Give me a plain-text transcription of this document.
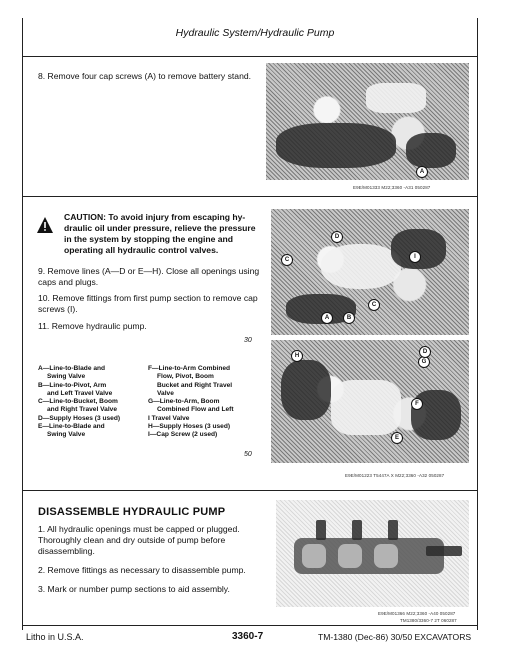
Hydraulic System/Hydraulic Pump
8. Remove four cap screws (A) to remove battery stand.
A
E9E/M01333 M22;3360 -A31 050287
CAUTION: To avoid injury from escaping hy-
draulic oil under pressure, relieve the pressure
in the system by stopping the engine and
operating all hydraulic control valves.
9. Remove lines (A—D or E—H). Close all openings using
caps and plugs.
10. Remove fittings from first pump section to remove cap
screws (I).
11. Remove hydraulic pump.
30
A—Line-to-Blade and
Swing Valve
B—Line-to-Pivot, Arm
and Left Travel Valve
C—Line-to-Bucket, Boom
and Right Travel Valve
D—Supply Hoses (3 used)
E—Line-to-Blade and
Swing Valve
F—Line-to-Arm Combined
Flow, Pivot, Boom
Bucket and Right Travel
Valve
G—Line-to-Arm, Boom
Combined Flow and Left
I Travel Valve
H—Supply Hoses (3 used)
I—Cap Screw (2 used)
50
D
C	I
C
A	B
H
G
E
F
D
E9E/M01223 T5447A X M22;3360 -A32 050287
DISASSEMBLE HYDRAULIC PUMP
1. All hydraulic openings must be capped or plugged.
Thoroughly clean and dry outside of pump before
disassembling.
2. Remove fittings as necessary to disassemble pump.
3. Mark or number pump sections to aid assembly.
E9E/M01366 M22;3360 -A40 050287
TM1380/3360-7 2T 060287
Litho in U.S.A.	3360-7	TM-1380 (Dec-86) 30/50 EXCAVATORS
